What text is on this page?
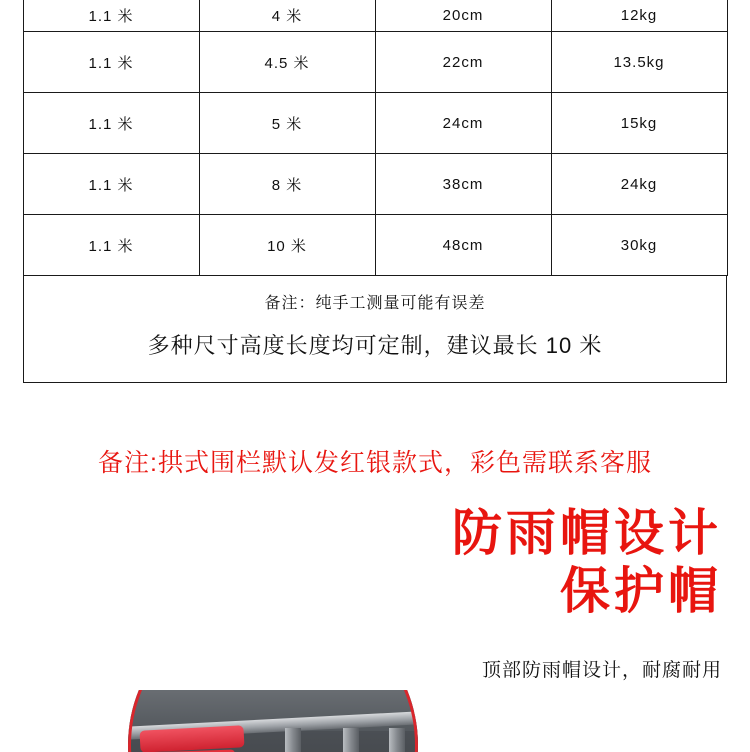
1.1 米	4 米	20cm	12kg
1.1 米	4.5 米	22cm	13.5kg
1.1 米	5 米	24cm	15kg
1.1 米	8 米	38cm	24kg
1.1 米	10 米	48cm	30kg

备注：纯手工测量可能有误差
多种尺寸高度长度均可定制，建议最长 10 米			
备注:拱式围栏默认发红银款式，彩色需联系客服
防雨帽设计
保护帽
顶部防雨帽设计，耐腐耐用
